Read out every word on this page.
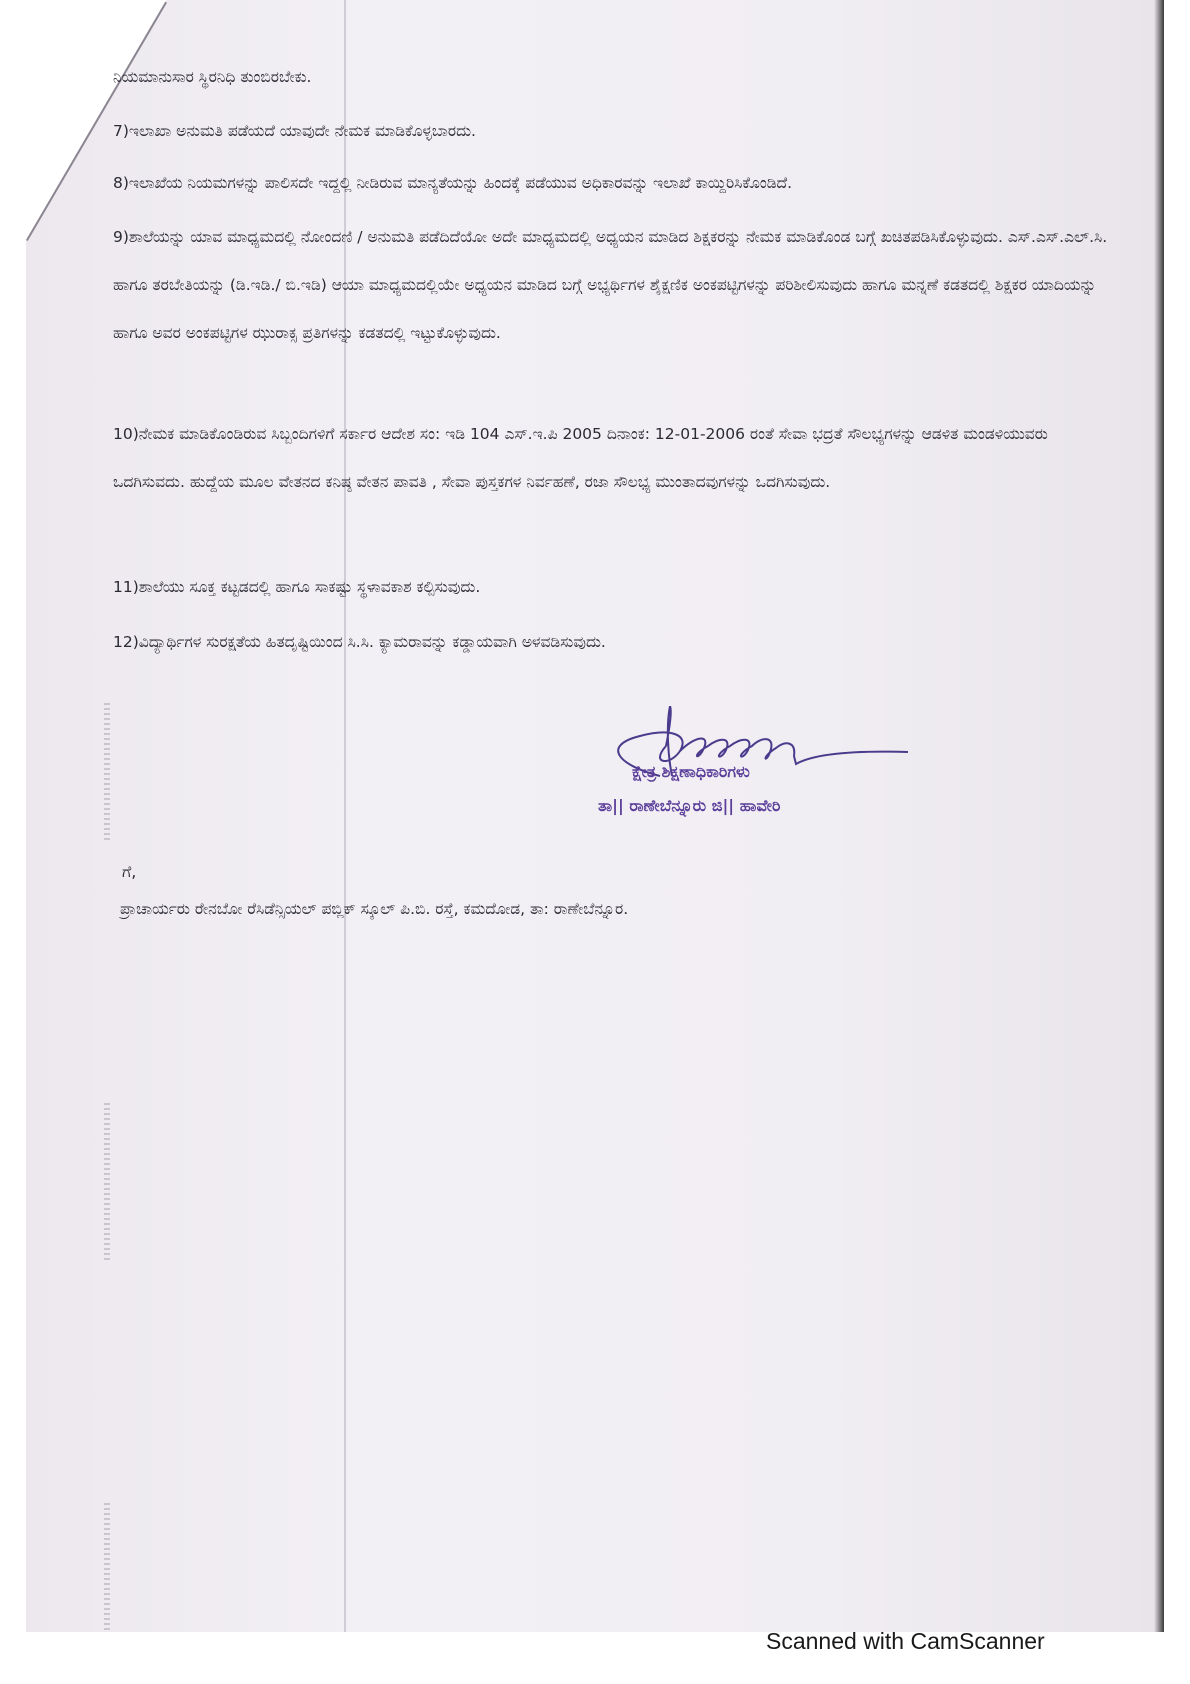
ನಿಯಮಾನುಸಾರ ಸ್ಥಿರನಿಧಿ ತುಂಬಿರಬೇಕು.

7)ಇಲಾಖಾ ಅನುಮತಿ ಪಡೆಯದೆ ಯಾವುದೇ ನೇಮಕ ಮಾಡಿಕೊಳ್ಳಬಾರದು.

8)ಇಲಾಖೆಯ ನಿಯಮಗಳನ್ನು ಪಾಲಿಸದೇ ಇದ್ದಲ್ಲಿ ನೀಡಿರುವ ಮಾನ್ಯತೆಯನ್ನು ಹಿಂದಕ್ಕೆ ಪಡೆಯುವ ಅಧಿಕಾರವನ್ನು ಇಲಾಖೆ ಕಾಯ್ದಿರಿಸಿಕೊಂಡಿದೆ.

9)ಶಾಲೆಯನ್ನು ಯಾವ ಮಾಧ್ಯಮದಲ್ಲಿ ನೋಂದಣಿ / ಅನುಮತಿ ಪಡೆದಿದೆಯೋ ಅದೇ ಮಾಧ್ಯಮದಲ್ಲಿ ಅಧ್ಯಯನ ಮಾಡಿದ ಶಿಕ್ಷಕರನ್ನು ನೇಮಕ ಮಾಡಿಕೊಂಡ ಬಗ್ಗೆ ಖಚಿತಪಡಿಸಿಕೊಳ್ಳುವುದು. ಎಸ್.ಎಸ್.ಎಲ್.ಸಿ. ಹಾಗೂ ತರಬೇತಿಯನ್ನು (ಡಿ.ಇಡಿ./ ಬಿ.ಇಡಿ) ಆಯಾ ಮಾಧ್ಯಮದಲ್ಲಿಯೇ ಅಧ್ಯಯನ ಮಾಡಿದ ಬಗ್ಗೆ ಅಭ್ಯರ್ಥಿಗಳ ಶೈಕ್ಷಣಿಕ ಅಂಕಪಟ್ಟಿಗಳನ್ನು ಪರಿಶೀಲಿಸುವುದು ಹಾಗೂ ಮನ್ನಣೆ ಕಡತದಲ್ಲಿ ಶಿಕ್ಷಕರ ಯಾದಿಯನ್ನು ಹಾಗೂ ಅವರ ಅಂಕಪಟ್ಟಿಗಳ ಝುರಾಕ್ಸ ಪ್ರತಿಗಳನ್ನು ಕಡತದಲ್ಲಿ ಇಟ್ಟುಕೊಳ್ಳುವುದು.

10)ನೇಮಕ ಮಾಡಿಕೊಂಡಿರುವ ಸಿಬ್ಬಂದಿಗಳಿಗೆ ಸರ್ಕಾರ ಆದೇಶ ಸಂ: ಇಡಿ 104 ಎಸ್.ಇ.ಪಿ 2005 ದಿನಾಂಕ: 12-01-2006 ರಂತೆ ಸೇವಾ ಭದ್ರತೆ ಸೌಲಭ್ಯಗಳನ್ನು ಆಡಳಿತ ಮಂಡಳಿಯುವರು ಒದಗಿಸುವದು. ಹುದ್ದೆಯ ಮೂಲ ವೇತನದ ಕನಿಷ್ಠ ವೇತನ ಪಾವತಿ , ಸೇವಾ ಪುಸ್ತಕಗಳ ನಿರ್ವಹಣೆ, ರಜಾ ಸೌಲಭ್ಯ ಮುಂತಾದವುಗಳನ್ನು ಒದಗಿಸುವುದು.

11)ಶಾಲೆಯು ಸೂಕ್ತ ಕಟ್ಟಡದಲ್ಲಿ ಹಾಗೂ ಸಾಕಷ್ಟು ಸ್ಥಳಾವಕಾಶ ಕಲ್ಪಿಸುವುದು.

12)ವಿದ್ಯಾರ್ಥಿಗಳ ಸುರಕ್ಷತೆಯ ಹಿತದೃಷ್ಟಿಯಿಂದ ಸಿ.ಸಿ. ಕ್ಯಾಮರಾವನ್ನು ಕಡ್ಡಾಯವಾಗಿ ಅಳವಡಿಸುವುದು.

ಕ್ಷೇತ್ರ ಶಿಕ್ಷಣಾಧಿಕಾರಿಗಳು
ತಾ|| ರಾಣೇಬೆನ್ನೂರು ಜಿ|| ಹಾವೇರಿ
ಗೆ,
ಪ್ರಾಚಾರ್ಯರು ರೇನಬೋ ರೆಸಿಡೆನ್ಸಿಯಲ್ ಪಬ್ಲಿಕ್ ಸ್ಕೂಲ್ ಪಿ.ಬಿ. ರಸ್ತೆ, ಕಮದೋಡ, ತಾ: ರಾಣೇಬೆನ್ನೂರ.
Scanned with CamScanner
